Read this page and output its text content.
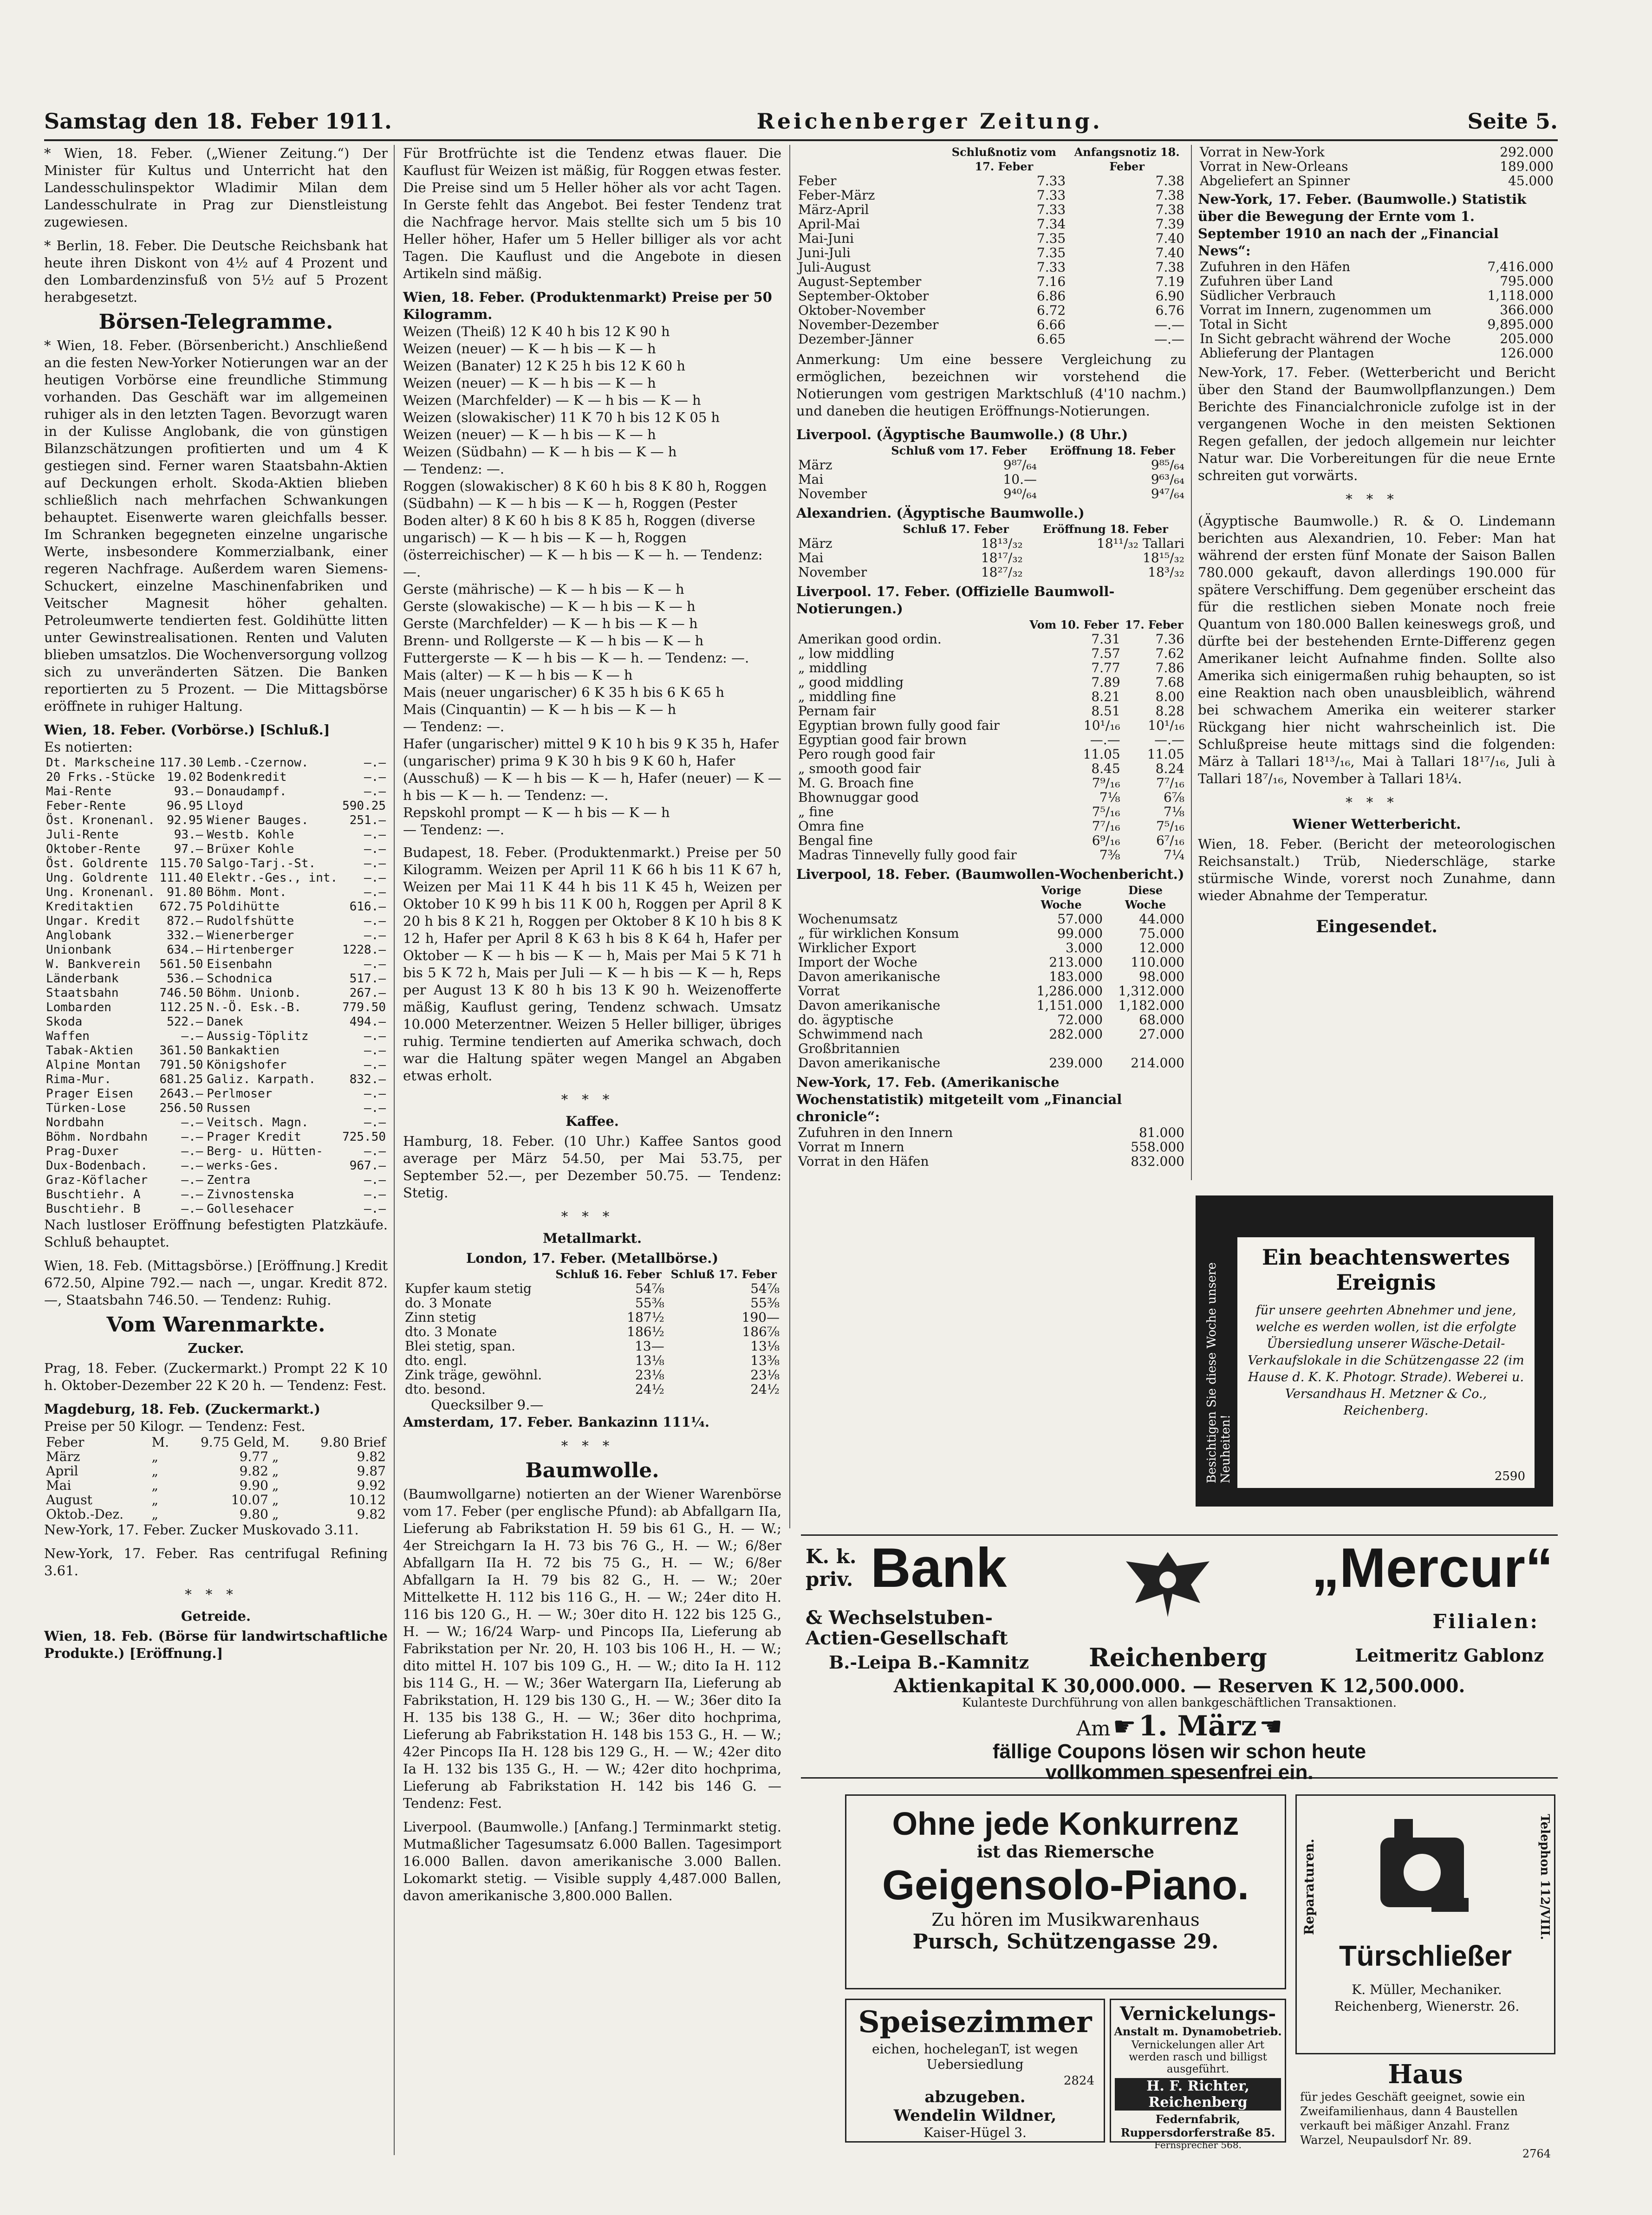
Samstag den 18. Feber 1911.	Reichenberger Zeitung.	Seite 5.

* Wien, 18. Feber. („Wiener Zeitung.“) Der Minister für Kultus und Unterricht hat den Landesschulinspektor Wladimir Milan dem Landesschulrate in Prag zur Dienstleistung zugewiesen.

* Berlin, 18. Feber. Die Deutsche Reichsbank hat heute ihren Diskont von 4½ auf 4 Prozent und den Lombardenzinsfuß von 5½ auf 5 Prozent herabgesetzt.

Börsen-Telegramme.

* Wien, 18. Feber. (Börsenbericht.) Anschließend an die festen New-Yorker Notierungen war an der heutigen Vorbörse eine freundliche Stimmung vorhanden. Das Geschäft war im allgemeinen ruhiger als in den letzten Tagen. Bevorzugt waren in der Kulisse Anglobank, die von günstigen Bilanzschätzungen profitierten und um 4 K gestiegen sind. Ferner waren Staatsbahn-Aktien auf Deckungen erholt. Skoda-Aktien blieben schließlich nach mehrfachen Schwankungen behauptet. Eisenwerte waren gleichfalls besser. Im Schranken begegneten einzelne ungarische Werte, insbesondere Kommerzialbank, einer regeren Nachfrage. Außerdem waren Siemens-Schuckert, einzelne Maschinenfabriken und Veitscher Magnesit höher gehalten. Petroleumwerte tendierten fest. Goldihütte litten unter Gewinstrealisationen. Renten und Valuten blieben umsatzlos. Die Wochenversorgung vollzog sich zu unveränderten Sätzen. Die Banken reportierten zu 5 Prozent. — Die Mittagsbörse eröffnete in ruhiger Haltung.

Wien, 18. Feber. (Vorbörse.) [Schluß.]
Es notierten:
Dt. Markscheine	117.30	Lemb.-Czernow.	—.—
20 Frks.-Stücke	19.02	Bodenkredit	—.—
Mai-Rente	93.—	Donaudampf.	—.—
Feber-Rente	96.95	Lloyd	590.25
Öst. Kronenanl.	92.95	Wiener Bauges.	251.—
Juli-Rente	93.—	Westb. Kohle	—.—
Oktober-Rente	97.—	Brüxer Kohle	—.—
Öst. Goldrente	115.70	Salgo-Tarj.-St.	—.—
Ung. Goldrente	111.40	Elektr.-Ges., int.	—.—
Ung. Kronenanl.	91.80	Böhm. Mont.	—.—
Kreditaktien	672.75	Poldihütte	616.—
Ungar. Kredit	872.—	Rudolfshütte	—.—
Anglobank	332.—	Wienerberger	—.—
Unionbank	634.—	Hirtenberger	1228.—
W. Bankverein	561.50	Eisenbahn	—.—
Länderbank	536.—	Schodnica	517.—
Staatsbahn	746.50	Böhm. Unionb.	267.—
Lombarden	112.25	N.-Ö. Esk.-B.	779.50
Skoda	522.—	Danek	494.—
Waffen	—.—	Aussig-Töplitz	—.—
Tabak-Aktien	361.50	Bankaktien	—.—
Alpine Montan	791.50	Königshofer	—.—
Rima-Mur.	681.25	Galiz. Karpath.	832.—
Prager Eisen	2643.—	Perlmoser	—.—
Türken-Lose	256.50	Russen	—.—
Nordbahn	—.—	Veitsch. Magn.	—.—
Böhm. Nordbahn	—.—	Prager Kredit	725.50
Prag-Duxer	—.—	Berg- u. Hütten-	—.—
Dux-Bodenbach.	—.—	werks-Ges.	967.—
Graz-Köflacher	—.—	Zentra	—.—
Buschtiehr. A	—.—	Zivnostenska	—.—
Buschtiehr. B	—.—	Gollesehacer	—.—

Nach lustloser Eröffnung befestigten Platzkäufe. Schluß behauptet.

Wien, 18. Feb. (Mittagsbörse.) [Eröffnung.] Kredit 672.50, Alpine 792.— nach —, ungar. Kredit 872.—, Staatsbahn 746.50. — Tendenz: Ruhig.

Vom Warenmarkte.
Zucker.

Prag, 18. Feber. (Zuckermarkt.) Prompt 22 K 10 h. Oktober-Dezember 22 K 20 h. — Tendenz: Fest.

Magdeburg, 18. Feb. (Zuckermarkt.)
Preise per 50 Kilogr. — Tendenz: Fest.
Feber	M.	9.75 Geld,	M.	9.80 Brief
März	„	9.77	„	9.82
April	„	9.82	„	9.87
Mai	„	9.90	„	9.92
August	„	10.07	„	10.12
Oktob.-Dez.	„	9.80	„	9.82

New-York, 17. Feber. Zucker Muskovado 3.11.

New-York, 17. Feber. Ras centrifugal Refining 3.61.

***
Getreide.

Wien, 18. Feb. (Börse für landwirtschaftliche Produkte.) [Eröffnung.]

Für Brotfrüchte ist die Tendenz etwas flauer. Die Kauflust für Weizen ist mäßig, für Roggen etwas fester. Die Preise sind um 5 Heller höher als vor acht Tagen. In Gerste fehlt das Angebot. Bei fester Tendenz trat die Nachfrage hervor. Mais stellte sich um 5 bis 10 Heller höher, Hafer um 5 Heller billiger als vor acht Tagen. Die Kauflust und die Angebote in diesen Artikeln sind mäßig.

Wien, 18. Feber. (Produktenmarkt) Preise per 50 Kilogramm.
Weizen (Theiß) 12 K 40 h bis 12 K 90 h
Weizen (neuer) — K — h bis — K — h
Weizen (Banater) 12 K 25 h bis 12 K 60 h
Weizen (neuer) — K — h bis — K — h
Weizen (Marchfelder) — K — h bis — K — h
Weizen (slowakischer) 11 K 70 h bis 12 K 05 h
Weizen (neuer) — K — h bis — K — h
Weizen (Südbahn) — K — h bis — K — h
— Tendenz: —.
Roggen (slowakischer) 8 K 60 h bis 8 K 80 h, Roggen (Südbahn) — K — h bis — K — h, Roggen (Pester Boden alter) 8 K 60 h bis 8 K 85 h, Roggen (diverse ungarisch) — K — h bis — K — h, Roggen (österreichischer) — K — h bis — K — h. — Tendenz: —.
Gerste (mährische) — K — h bis — K — h
Gerste (slowakische) — K — h bis — K — h
Gerste (Marchfelder) — K — h bis — K — h
Brenn- und Rollgerste — K — h bis — K — h
Futtergerste — K — h bis — K — h. — Tendenz: —.
Mais (alter) — K — h bis — K — h
Mais (neuer ungarischer) 6 K 35 h bis 6 K 65 h
Mais (Cinquantin) — K — h bis — K — h
— Tendenz: —.
Hafer (ungarischer) mittel 9 K 10 h bis 9 K 35 h, Hafer (ungarischer) prima 9 K 30 h bis 9 K 60 h, Hafer (Ausschuß) — K — h bis — K — h, Hafer (neuer) — K — h bis — K — h. — Tendenz: —.
Repskohl prompt — K — h bis — K — h
— Tendenz: —.

Budapest, 18. Feber. (Produktenmarkt.) Preise per 50 Kilogramm. Weizen per April 11 K 66 h bis 11 K 67 h, Weizen per Mai 11 K 44 h bis 11 K 45 h, Weizen per Oktober 10 K 99 h bis 11 K 00 h, Roggen per April 8 K 20 h bis 8 K 21 h, Roggen per Oktober 8 K 10 h bis 8 K 12 h, Hafer per April 8 K 63 h bis 8 K 64 h, Hafer per Oktober — K — h bis — K — h, Mais per Mai 5 K 71 h bis 5 K 72 h, Mais per Juli — K — h bis — K — h, Reps per August 13 K 80 h bis 13 K 90 h. Weizenofferte mäßig, Kauflust gering, Tendenz schwach. Umsatz 10.000 Meterzentner. Weizen 5 Heller billiger, übriges ruhig. Termine tendierten auf Amerika schwach, doch war die Haltung später wegen Mangel an Abgaben etwas erholt.

***
Kaffee.

Hamburg, 18. Feber. (10 Uhr.) Kaffee Santos good average per März 54.50, per Mai 53.75, per September 52.—, per Dezember 50.75. — Tendenz: Stetig.

***
Metallmarkt.
London, 17. Feber. (Metallbörse.)
	Schluß 16. Feber	Schluß 17. Feber
Kupfer kaum stetig	54⅞	54⅞
do. 3 Monate	55⅜	55⅜
Zinn stetig	187½	190—
dto. 3 Monate	186½	186⅞
Blei stetig, span.	13—	13⅛
dto. engl.	13⅛	13⅜
Zink träge, gewöhnl.	23⅛	23⅛
dto. besond.	24½	24½
Quecksilber 9.—

Amsterdam, 17. Feber. Bankazinn 111¼.

***
Baumwolle.

(Baumwollgarne) notierten an der Wiener Warenbörse vom 17. Feber (per englische Pfund): ab Abfallgarn IIa, Lieferung ab Fabrikstation H. 59 bis 61 G., H. — W.; 4er Streichgarn Ia H. 73 bis 76 G., H. — W.; 6/8er Abfallgarn IIa H. 72 bis 75 G., H. — W.; 6/8er Abfallgarn Ia H. 79 bis 82 G., H. — W.; 20er Mittelkette H. 112 bis 116 G., H. — W.; 24er dito H. 116 bis 120 G., H. — W.; 30er dito H. 122 bis 125 G., H. — W.; 16/24 Warp- und Pincops IIa, Lieferung ab Fabrikstation per Nr. 20, H. 103 bis 106 H., H. — W.; dito mittel H. 107 bis 109 G., H. — W.; dito Ia H. 112 bis 114 G., H. — W.; 36er Watergarn IIa, Lieferung ab Fabrikstation, H. 129 bis 130 G., H. — W.; 36er dito Ia H. 135 bis 138 G., H. — W.; 36er dito hochprima, Lieferung ab Fabrikstation H. 148 bis 153 G., H. — W.; 42er Pincops IIa H. 128 bis 129 G., H. — W.; 42er dito Ia H. 132 bis 135 G., H. — W.; 42er dito hochprima, Lieferung ab Fabrikstation H. 142 bis 146 G. — Tendenz: Fest.

Liverpool. (Baumwolle.) [Anfang.] Terminmarkt stetig. Mutmaßlicher Tagesumsatz 6.000 Ballen. Tagesimport 16.000 Ballen. davon amerikanische 3.000 Ballen. Lokomarkt stetig. — Visible supply 4,487.000 Ballen, davon amerikanische 3,800.000 Ballen.

	Schlußnotiz vom 17. Feber	Anfangsnotiz 18. Feber
Feber	7.33	7.38
Feber-März	7.33	7.38
März-April	7.33	7.38
April-Mai	7.34	7.39
Mai-Juni	7.35	7.40
Juni-Juli	7.35	7.40
Juli-August	7.33	7.38
August-September	7.16	7.19
September-Oktober	6.86	6.90
Oktober-November	6.72	6.76
November-Dezember	6.66	—.—
Dezember-Jänner	6.65	—.—

Anmerkung: Um eine bessere Vergleichung zu ermöglichen, bezeichnen wir vorstehend die Notierungen vom gestrigen Marktschluß (4'10 nachm.) und daneben die heutigen Eröffnungs-Notierungen.

Liverpool. (Ägyptische Baumwolle.) (8 Uhr.)
	Schluß vom 17. Feber	Eröffnung 18. Feber
März	9⁸⁷/₆₄	9⁸⁵/₆₄
Mai	10.—	9⁶³/₆₄
November	9⁴⁰/₆₄	9⁴⁷/₆₄
Alexandrien. (Ägyptische Baumwolle.)
	Schluß 17. Feber	Eröffnung 18. Feber
März	18¹³/₃₂	18¹¹/₃₂ Tallari
Mai	18¹⁷/₃₂	18¹⁵/₃₂
November	18²⁷/₃₂	18³/₃₂
Liverpool. 17. Feber. (Offizielle Baumwoll-Notierungen.)
	Vom 10. Feber	17. Feber
Amerikan good ordin.	7.31	7.36
„ low middling	7.57	7.62
„ middling	7.77	7.86
„ good middling	7.89	7.68
„ middling fine	8.21	8.00
Pernam fair	8.51	8.28
Egyptian brown fully good fair	10¹/₁₆	10¹/₁₆
Egyptian good fair brown	—.—	—.—
Pero rough good fair	11.05	11.05
„ smooth good fair	8.45	8.24
M. G. Broach fine	7⁹/₁₆	7⁷/₁₆
Bhownuggar good	7⅛	6⅞
„ fine	7⁵/₁₆	7⅛
Omra fine	7⁷/₁₆	7⁵/₁₆
Bengal fine	6⁹/₁₆	6⁷/₁₆
Madras Tinnevelly fully good fair	7⅜	7¼
Liverpool, 18. Feber. (Baumwollen-Wochenbericht.)
	Vorige Woche	Diese Woche
Wochenumsatz	57.000	44.000
„ für wirklichen Konsum	99.000	75.000
Wirklicher Export	3.000	12.000
Import der Woche	213.000	110.000
Davon amerikanische	183.000	98.000
Vorrat	1,286.000	1,312.000
Davon amerikanische	1,151.000	1,182.000
do. ägyptische	72.000	68.000
Schwimmend nach Großbritannien	282.000	27.000
Davon amerikanische	239.000	214.000
New-York, 17. Feb. (Amerikanische Wochenstatistik) mitgeteilt vom „Financial chronicle“:
Zufuhren in den Innern	81.000
Vorrat m Innern	558.000
Vorrat in den Häfen	832.000
Vorrat in New-York	292.000
Vorrat in New-Orleans	189.000
Abgeliefert an Spinner	45.000
New-York, 17. Feber. (Baumwolle.) Statistik über die Bewegung der Ernte vom 1. September 1910 an nach der „Financial News“:
Zufuhren in den Häfen	7,416.000
Zufuhren über Land	795.000
Südlicher Verbrauch	1,118.000
Vorrat im Innern, zugenommen um	366.000
Total in Sicht	9,895.000
In Sicht gebracht während der Woche	205.000
Ablieferung der Plantagen	126.000

New-York, 17. Feber. (Wetterbericht und Bericht über den Stand der Baumwollpflanzungen.) Dem Berichte des Financialchronicle zufolge ist in der vergangenen Woche in den meisten Sektionen Regen gefallen, der jedoch allgemein nur leichter Natur war. Die Vorbereitungen für die neue Ernte schreiten gut vorwärts.

***

(Ägyptische Baumwolle.) R. & O. Lindemann berichten aus Alexandrien, 10. Feber: Man hat während der ersten fünf Monate der Saison Ballen 780.000 gekauft, davon allerdings 190.000 für spätere Verschiffung. Dem gegenüber erscheint das für die restlichen sieben Monate noch freie Quantum von 180.000 Ballen keineswegs groß, und dürfte bei der bestehenden Ernte-Differenz gegen Amerikaner leicht Aufnahme finden. Sollte also Amerika sich einigermaßen ruhig behaupten, so ist eine Reaktion nach oben unausbleiblich, während bei schwachem Amerika ein weiterer starker Rückgang hier nicht wahrscheinlich ist. Die Schlußpreise heute mittags sind die folgenden: März à Tallari 18¹³/₁₆, Mai à Tallari 18¹⁷/₁₆, Juli à Tallari 18⁷/₁₆, November à Tallari 18¼.

***
Wiener Wetterbericht.

Wien, 18. Feber. (Bericht der meteorologischen Reichsanstalt.) Trüb, Niederschläge, starke stürmische Winde, vorerst noch Zunahme, dann wieder Abnahme der Temperatur.

Eingesendet.
Besichtigen Sie diese Woche unsere Neuheiten!
Ein beachtenswertes Ereignis
für unsere geehrten Abnehmer und jene, welche es werden wollen, ist die erfolgte Übersiedlung unserer Wäsche-Detail-Verkaufslokale in die Schützengasse 22 (im Hause d. K. K. Photogr. Strade). Weberei u. Versandhaus H. Metzner & Co., Reichenberg.
2590
K. k. priv. Bank	„Mercur“
& Wechselstuben-Actien-Gesellschaft
Filialen:
B.-Leipa B.-Kamnitz Reichenberg	Leitmeritz Gablonz
Aktienkapital K 30,000.000. — Reserven K 12,500.000.
Kulanteste Durchführung von allen bankgeschäftlichen Transaktionen.
Am ☛ 1. März ☛
fällige Coupons lösen wir schon heute
vollkommen spesenfrei ein.
Ohne jede Konkurrenz
ist das Riemersche
Geigensolo-Piano.
Zu hören im Musikwarenhaus
Pursch, Schützengasse 29.
Reparaturen.	Telephon 112/VIII.
Türschließer
K. Müller, Mechaniker. Reichenberg, Wienerstr. 26.
Speisezimmer
eichen, hocheleganT, ist wegen Uebersiedlung
2824
abzugeben.
Wendelin Wildner,
Kaiser-Hügel 3.
Vernickelungs-
Anstalt m. Dynamobetrieb.
Vernickelungen aller Art werden rasch und billigst ausgeführt.
H. F. Richter, Reichenberg
Federnfabrik, Ruppersdorferstraße 85.
Fernsprecher 568.
Haus
für jedes Geschäft geeignet, sowie ein Zweifamilienhaus, dann 4 Baustellen verkauft bei mäßiger Anzahl. Franz Warzel, Neupaulsdorf Nr. 89.
2764
